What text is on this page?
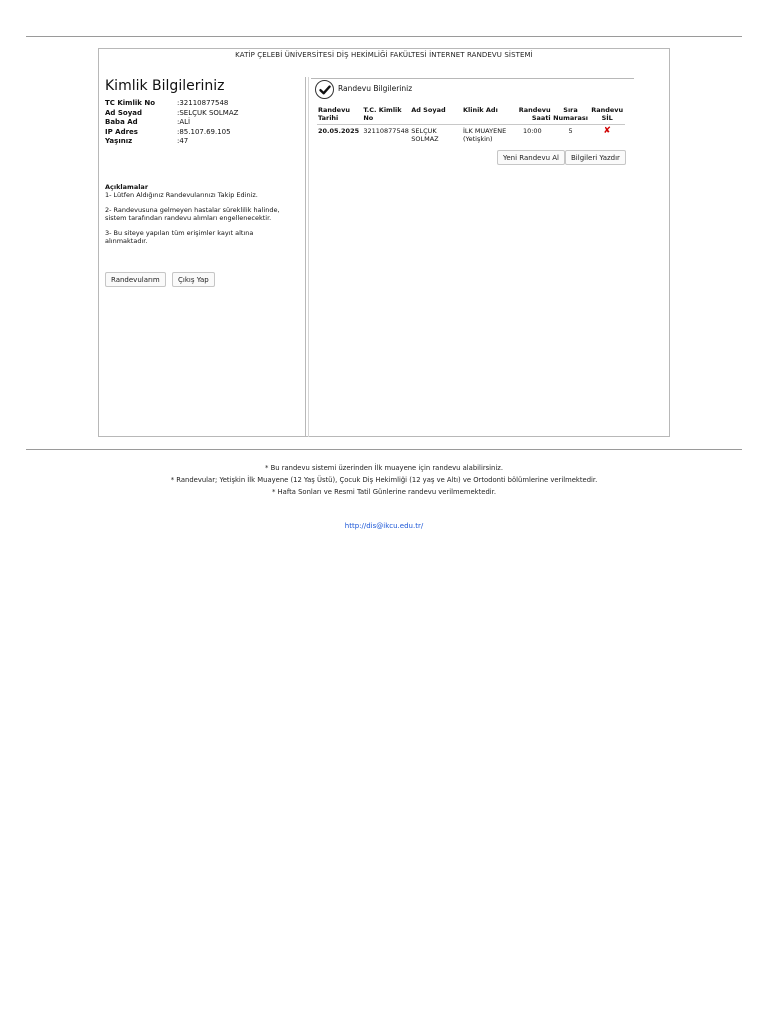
KATİP ÇELEBİ ÜNİVERSİTESİ DİŞ HEKİMLİĞİ FAKÜLTESİ İNTERNET RANDEVU SİSTEMİ
Kimlik Bilgileriniz
TC Kimlik No	:32110877548
Ad Soyad	:SELÇUK SOLMAZ
Baba Ad	:ALİ
IP Adres	:85.107.69.105
Yaşınız	:47
Açıklamalar

1- Lütfen Aldığınız Randevularınızı Takip Ediniz.

2- Randevusuna gelmeyen hastalar sürekli̇li̇k halinde, sistem tarafından randevu alımları engellenecektir.

3- Bu siteye yapılan tüm erişimler kayıt altına alınmaktadır.

Randevularım	Çıkış Yap
Randevu Bilgileriniz
Randevu Tarihi	T.C. Kimlik No	Ad Soyad	Klinik Adı	Randevu Saati	Sıra Numarası	Randevu SİL
20.05.2025	32110877548	SELÇUK SOLMAZ	İLK MUAYENE (Yetişkin)	10:00	5	✘
Yeni Randevu Al	Bilgileri Yazdır
* Bu randevu sistemi üzerinden İlk muayene için randevu alabilirsiniz.
* Randevular; Yetişkin İlk Muayene (12 Yaş Üstü), Çocuk Diş Hekimliği (12 yaş ve Altı) ve Ortodonti bölümlerine verilmektedir.
* Hafta Sonları ve Resmi Tatil Günlerine randevu verilmemektedir.
http://dis@ikcu.edu.tr/
